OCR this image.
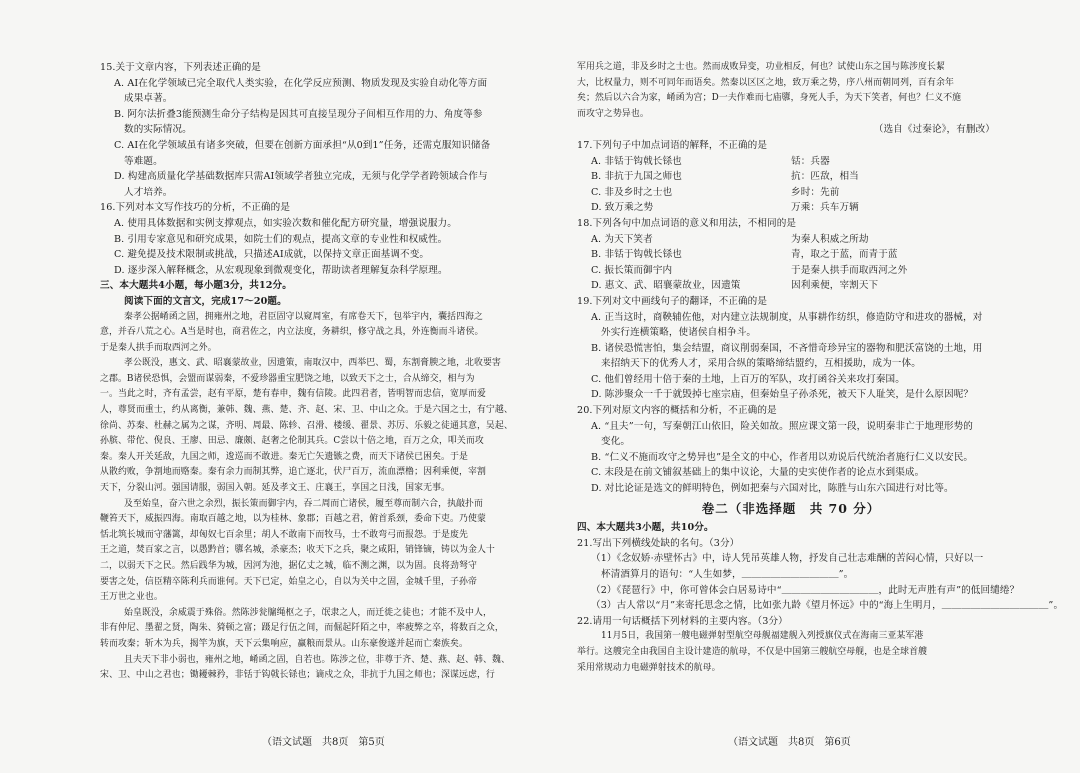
15.关于文章内容，下列表述正确的是
A. AI在化学领域已完全取代人类实验，在化学反应预测、物质发现及实验自动化等方面
成果卓著。
B. 阿尔法折叠3能预测生命分子结构是因其可直接呈现分子间相互作用的力、角度等参
数的实际情况。
C. AI在化学领域虽有诸多突破，但要在创新方面承担“从0到1”任务，还需克服知识储备
等难题。
D. 构建高质量化学基础数据库只需AI领域学者独立完成，无须与化学学者跨领域合作与
人才培养。
16.下列对本文写作技巧的分析，不正确的是
A. 使用具体数据和实例支撑观点，如实验次数和催化配方研究量，增强说服力。
B. 引用专家意见和研究成果，如院士们的观点，提高文章的专业性和权威性。
C. 避免提及技术限制或挑战，只描述AI成就，以保持文章正面基调不变。
D. 逐步深入解释概念，从宏观现象到微观变化，帮助读者理解复杂科学原理。
三、本大题共4小题，每小题3分，共12分。
阅读下面的文言文，完成17～20题。
秦孝公据崤函之固，拥雍州之地，君臣固守以窥周室，有席卷天下，包举宇内，囊括四海之
意，并吞八荒之心。A当是时也，商君佐之，内立法度，务耕织，修守战之具，外连衡而斗诸侯。
于是秦人拱手而取西河之外。
孝公既没，惠文、武、昭襄蒙故业，因遗策，南取汉中，西举巴、蜀，东割膏腴之地，北收要害
之郡。B诸侯恐惧，会盟而谋弱秦，不爱珍器重宝肥饶之地，以致天下之士，合从缔交，相与为
一。当此之时，齐有孟尝，赵有平原，楚有春申，魏有信陵。此四君者，皆明智而忠信，宽厚而爱
人，尊贤而重士，约从离衡，兼韩、魏、燕、楚、齐、赵、宋、卫、中山之众。于是六国之士，有宁越、
徐尚、苏秦、杜赫之属为之谋，齐明、周最、陈轸、召滑、楼缓、翟景、苏厉、乐毅之徒通其意，吴起、
孙膑、带佗、倪良、王廖、田忌、廉颇、赵奢之伦制其兵。C尝以十倍之地，百万之众，叩关而攻
秦。秦人开关延敌，九国之师，逡巡而不敢进。秦无亡矢遗镞之费，而天下诸侯已困矣。于是
从散约败，争割地而赂秦。秦有余力而制其弊，追亡逐北，伏尸百万，流血漂橹；因利乘便，宰割
天下，分裂山河。强国请服，弱国入朝。延及孝文王、庄襄王，享国之日浅，国家无事。
及至始皇，奋六世之余烈，振长策而御宇内，吞二周而亡诸侯，履至尊而制六合，执敲扑而
鞭笞天下，威振四海。南取百越之地，以为桂林、象郡；百越之君，俯首系颈，委命下吏。乃使蒙
恬北筑长城而守藩篱，却匈奴七百余里；胡人不敢南下而牧马，士不敢弯弓而报怨。于是废先
王之道，焚百家之言，以愚黔首；隳名城，杀豪杰；收天下之兵，聚之咸阳，销锋镝，铸以为金人十
二，以弱天下之民。然后践华为城，因河为池，据亿丈之城，临不测之渊，以为固。良将劲弩守
要害之处，信臣精卒陈利兵而谁何。天下已定，始皇之心，自以为关中之固，金城千里，子孙帝
王万世之业也。
始皇既没，余威震于殊俗。然陈涉瓮牖绳枢之子，氓隶之人，而迁徙之徒也；才能不及中人，
非有仲尼、墨翟之贤，陶朱、猗顿之富；蹑足行伍之间，而倔起阡陌之中，率疲弊之卒，将数百之众，
转而攻秦；斩木为兵，揭竿为旗，天下云集响应，赢粮而景从。山东豪俊遂并起而亡秦族矣。
且夫天下非小弱也，雍州之地，崤函之固，自若也。陈涉之位，非尊于齐、楚、燕、赵、韩、魏、
宋、卫、中山之君也；锄耰棘矜，非铦于钩戟长铩也；谪戍之众，非抗于九国之师也；深谋远虑，行
（语文试题　共8页　第5页
军用兵之道，非及乡时之士也。然而成败异变，功业相反，何也？试使山东之国与陈涉度长絜
大，比权量力，则不可同年而语矣。然秦以区区之地，致万乘之势，序八州而朝同列，百有余年
矣；然后以六合为家，崤函为宫；D一夫作难而七庙隳，身死人手，为天下笑者，何也？仁义不施
而攻守之势异也。
（选自《过秦论》，有删改）
17.下列句子中加点词语的解释，不正确的是
A. 非铦于钩戟长铩也	铦：兵器
B. 非抗于九国之师也	抗：匹敌，相当
C. 非及乡时之士也	乡时：先前
D. 致万乘之势	万乘：兵车万辆
18.下列各句中加点词语的意义和用法，不相同的是
A. 为天下笑者	为秦人积威之所劫
B. 非铦于钩戟长铩也	青，取之于蓝，而青于蓝
C. 振长策而御宇内	于是秦人拱手而取西河之外
D. 惠文、武、昭襄蒙故业，因遗策	因利乘便，宰割天下
19.下列对文中画线句子的翻译，不正确的是
A. 正当这时，商鞅辅佐他，对内建立法规制度，从事耕作纺织，修造防守和进攻的器械，对
外实行连横策略，使诸侯自相争斗。
B. 诸侯恐慌害怕，集会结盟，商议削弱秦国，不吝惜奇珍异宝的器物和肥沃富饶的土地，用
来招纳天下的优秀人才，采用合纵的策略缔结盟约，互相援助，成为一体。
C. 他们曾经用十倍于秦的土地，上百万的军队，攻打函谷关来攻打秦国。
D. 陈涉聚众一千于就毁掉七座宗庙，但秦始皇子孙杀死，被天下人耻笑，是什么原因呢？
20.下列对原文内容的概括和分析，不正确的是
A. “且夫”一句，写秦朝江山依旧，险关如故。照应课文第一段，说明秦非亡于地理形势的
变化。
B. “仁义不施而攻守之势异也”是全文的中心，作者用以劝说后代统治者施行仁义以安民。
C. 末段是在前文铺叙基础上的集中议论，大量的史实使作者的论点水到渠成。
D. 对比论证是选文的鲜明特色，例如把秦与六国对比，陈胜与山东六国进行对比等。
卷二（非选择题　共 70 分）
四、本大题共3小题，共10分。
21.写出下列横线处缺的名句。（3分）
（1）《念奴娇·赤壁怀古》中，诗人凭吊英雄人物，抒发自己壮志难酬的苦闷心情，只好以一
杯清酒算月的语句：“人生如梦，＿＿＿＿＿＿＿＿＿＿”。
（2）《琵琶行》中，你可曾体会白居易诗中“＿＿＿＿＿＿＿＿＿＿，此时无声胜有声”的低回缱绻？
（3）古人常以“月”来寄托思念之情，比如张九龄《望月怀远》中的“海上生明月，＿＿＿＿＿＿＿＿＿＿＿”。
22.请用一句话概括下列材料的主要内容。（3分）
11月5日，我国第一艘电磁弹射型航空母舰福建舰入列授旗仪式在海南三亚某军港
举行。这艘完全由我国自主设计建造的航母，不仅是中国第三艘航空母舰，也是全球首艘
采用常规动力电磁弹射技术的航母。
（语文试题　共8页　第6页
